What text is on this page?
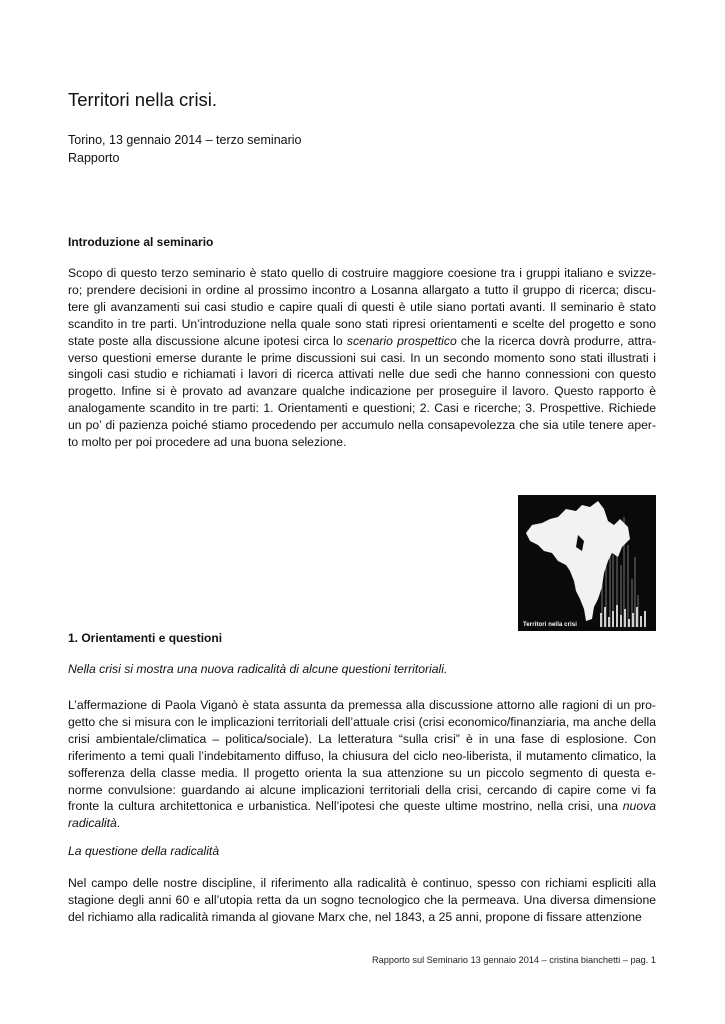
Territori nella crisi.
Torino, 13 gennaio 2014 – terzo seminario
Rapporto
Introduzione al seminario

Scopo di questo terzo seminario è stato quello di costruire maggiore coesione tra i gruppi italiano e svizze-ro; prendere decisioni in ordine al prossimo incontro a Losanna allargato a tutto il gruppo di ricerca; discu-tere gli avanzamenti sui casi studio e capire quali di questi è utile siano portati avanti. Il seminario è stato scandito in tre parti. Un’introduzione nella quale sono stati ripresi orientamenti e scelte del progetto e sono state poste alla discussione alcune ipotesi circa lo scenario prospettico che la ricerca dovrà produrre, attra-verso questioni emerse durante le prime discussioni sui casi. In un secondo momento sono stati illustrati i singoli casi studio e richiamati i lavori di ricerca attivati nelle due sedi che hanno connessioni con questo progetto. Infine si è provato ad avanzare qualche indicazione per proseguire il lavoro. Questo rapporto è analogamente scandito in tre parti: 1. Orientamenti e questioni; 2. Casi e ricerche; 3. Prospettive. Richiede un po’ di pazienza poiché stiamo procedendo per accumulo nella consapevolezza che sia utile tenere aper-to molto per poi procedere ad una buona selezione.

Territori nella crisi
1. Orientamenti e questioni

Nella crisi si mostra una nuova radicalità di alcune questioni territoriali.

L’affermazione di Paola Viganò è stata assunta da premessa alla discussione attorno alle ragioni di un pro-getto che si misura con le implicazioni territoriali dell’attuale crisi (crisi economico/finanziaria, ma anche della crisi ambientale/climatica – politica/sociale). La letteratura “sulla crisi” è in una fase di esplosione. Con riferimento a temi quali l’indebitamento diffuso, la chiusura del ciclo neo-liberista, il mutamento climatico, la sofferenza della classe media. Il progetto orienta la sua attenzione su un piccolo segmento di questa e-norme convulsione: guardando ai alcune implicazioni territoriali della crisi, cercando di capire come vi fa fronte la cultura architettonica e urbanistica. Nell’ipotesi che queste ultime mostrino, nella crisi, una nuova radicalità.

La questione della radicalità

Nel campo delle nostre discipline, il riferimento alla radicalità è continuo, spesso con richiami espliciti alla stagione degli anni 60 e all’utopia retta da un sogno tecnologico che la permeava. Una diversa dimensione del richiamo alla radicalità rimanda al giovane Marx che, nel 1843, a 25 anni, propone di fissare attenzione

Rapporto sul Seminario 13 gennaio 2014 – cristina bianchetti – pag. 1
